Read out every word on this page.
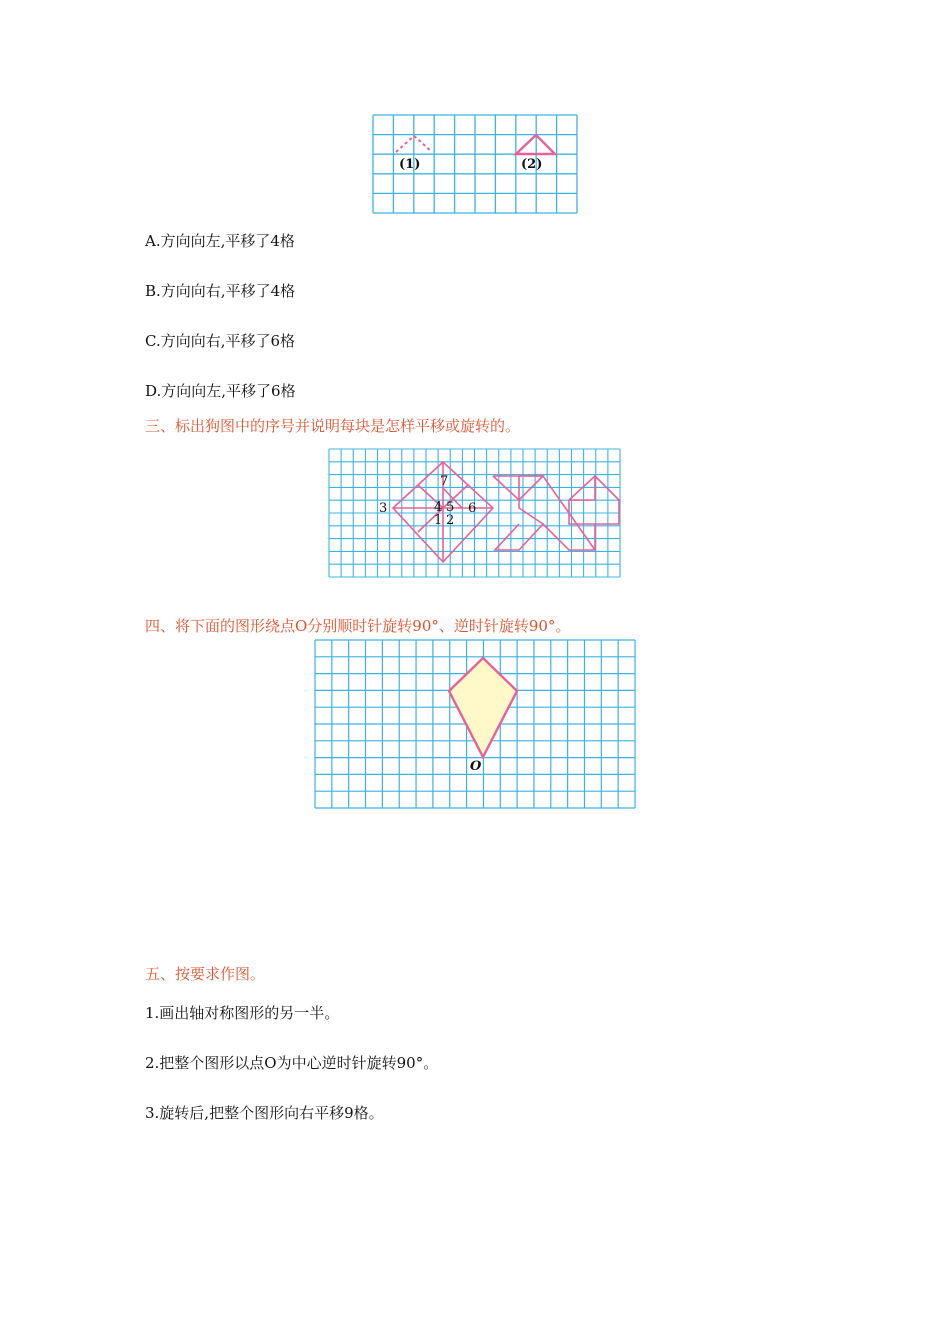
(1)	(2)
A.方向向左,平移了4格
B.方向向右,平移了4格
C.方向向右,平移了6格
D.方向向左,平移了6格
三、标出狗图中的序号并说明每块是怎样平移或旋转的。
7
3	4 5 6
1 2
四、将下面的图形绕点O分别顺时针旋转90°、逆时针旋转90°。
O
五、按要求作图。
1.画出轴对称图形的另一半。
2.把整个图形以点O为中心逆时针旋转90°。
3.旋转后,把整个图形向右平移9格。
